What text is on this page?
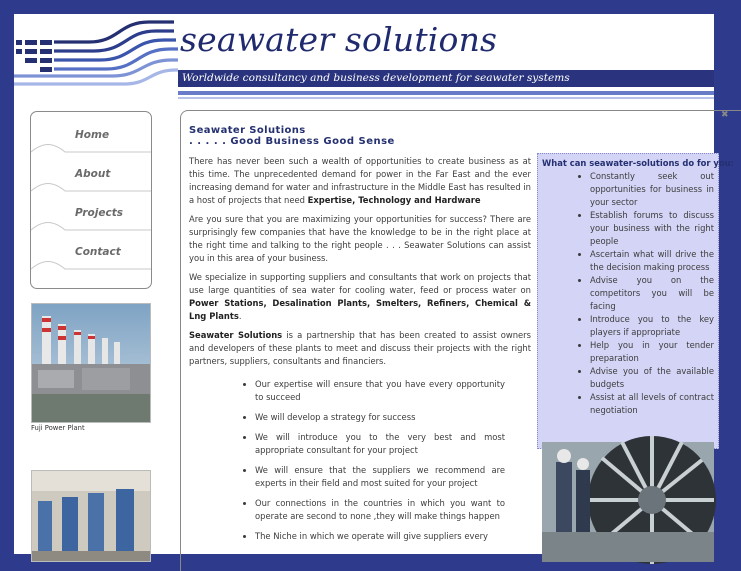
seawater solutions
Worldwide consultancy and business development for seawater systems
Home
About
Projects
Contact
Fuji Power Plant
Seawater Solutions
. . . . . Good Business Good Sense

There has never been such a wealth of opportunities to create business as at this time. The unprecedented demand for power in the Far East and the ever increasing demand for water and infrastructure in the Middle East has resulted in a host of projects that need Expertise, Technology and Hardware

Are you sure that you are maximizing your opportunities for success? There are surprisingly few companies that have the knowledge to be in the right place at the right time and talking to the right people . . . Seawater Solutions can assist you in this area of your business.

We specialize in supporting suppliers and consultants that work on projects that use large quantities of sea water for cooling water, feed or process water on Power Stations, Desalination Plants, Smelters, Refiners, Chemical & Lng Plants.

Seawater Solutions is a partnership that has been created to assist owners and developers of these plants to meet and discuss their projects with the right partners, suppliers, consultants and financiers.

• Our expertise will ensure that you have every opportunity to succeed
• We will develop a strategy for success
• We will introduce you to the very best and most appropriate consultant for your project
• We will ensure that the suppliers we recommend are experts in their field and most suited for your project
• Our connections in the countries in which you want to operate are second to none ,they will make things happen
• The Niche in which we operate will give suppliers every
What can seawater-solutions do for you:
• Constantly seek out opportunities for business in your sector
• Establish forums to discuss your business with the right people
• Ascertain what will drive the the decision making process
• Advise you on the competitors you will be facing
• Introduce you to the key players if appropriate
• Help you in your tender preparation
• Advise you of the available budgets
• Assist at all levels of contract negotiation
✖
